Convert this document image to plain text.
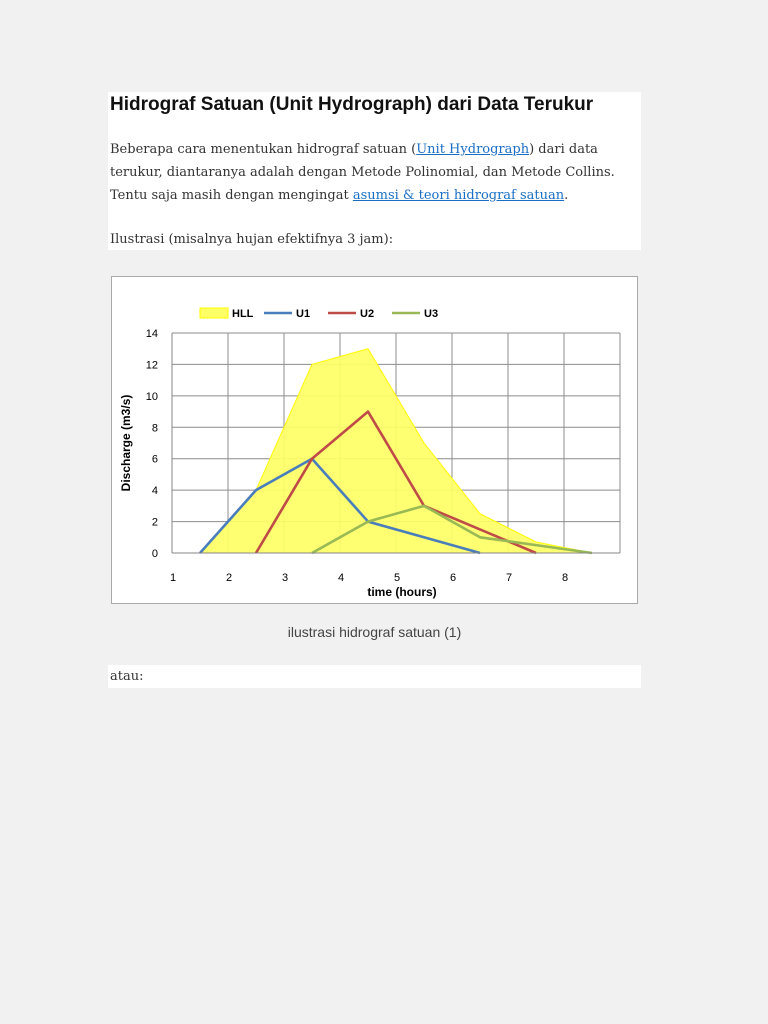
Hidrograf Satuan (Unit Hydrograph) dari Data Terukur
Beberapa cara menentukan hidrograf satuan (Unit Hydrograph) dari data
terukur, diantaranya adalah dengan Metode Polinomial, dan Metode Collins.
Tentu saja masih dengan mengingat asumsi & teori hidrograf satuan.
Ilustrasi (misalnya hujan efektifnya 3 jam):
0
2
4
6
8
10
12
14
1	2	3	4	5	6	7	8
time (hours)
Discharge (m3/s)
HLL	U1	U2	U3
ilustrasi hidrograf satuan (1)
atau:
